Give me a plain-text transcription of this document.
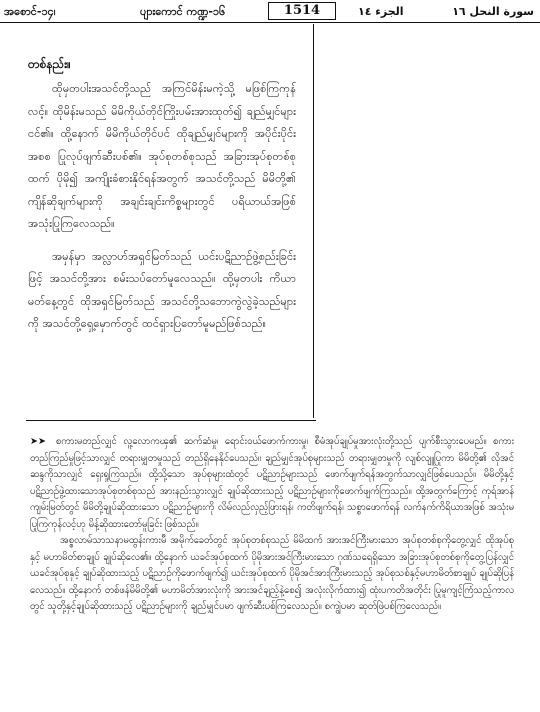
အစောင်-၁၄၊	ပျားကောင် ကဏ္ဍ-၁၆	1514	الجزء ١٤	سورة النحل ١٦
တစ်နည်း။

ထိုမှတပါးအသင်တို့သည် အကြင်မိန်းမကဲ့သို့ မဖြစ်ကြကုန်လင့်။ ထိုမိန်းမသည် မိမိကိုယ်တိုင်ကြိုးပမ်းအားထုတ်၍ ချည်မျှင်များငင်၏။ ထို့နောက် မိမိကိုယ်တိုင်ပင် ထိုချည်မျှင်များကို အပိုင်းပိုင်းအစစ ပြုလုပ်ဖျက်ဆီးပစ်၏။ အုပ်စုတစ်စုသည် အခြားအုပ်စုတစ်စုထက် ပိုမို၍ အကျိုးခံစားနိုင်ရန်အတွက် အသင်တို့သည် မိမိတို့၏ ကျိန်ဆိုချက်များကို အချင်းချင်းကိစ္စများတွင် ပရိယာယ်အဖြစ်အသုံးပြုကြလေသည်။

အမှန်မှာ အလ္လာဟ်အရှင်မြတ်သည် ယင်းပဋိညာဉ်ဖွဲ့စည်းခြင်းဖြင့် အသင်တို့အား စမ်းသပ်တော်မူလေသည်။ ထို့မှတပါး ကိယာမတ်နေ့တွင် ထိုအရှင်မြတ်သည် အသင်တို့သဘောကွဲလွဲခဲ့သည်များကို အသင်တို့ရှေ့မှောက်တွင် ထင်ရှားပြတော်မူမည်ဖြစ်သည်။

➤➤ စကားမတည်လျှင် လူ့လောကၾ၏ ဆက်ဆံမှု၊ ရောင်းဝယ်ဖောက်ကားမှု၊ စီမံအုပ်ချုပ်မှုအားလုံးတို့သည် ပျက်စီးသွားပေမည်။ စကားတည်ကြည်မှုဖြင့်သာလျှင် တရားမျှတမှုသည် တည်ရှိနေနိုင်ပေသည်။ ချည်မျှင်အုပ်စုများသည် တရားမျှတမှုကို လျစ်လျူပြုကာ မိမိတို့၏ လိုအင်ဆန္ဒကိုသာလျှင် ရှေးရှုကြသည်။ ထို့သို့သော အုပ်စုများထံတွင် ပဋိညာဉ်များသည် ဖောက်ဖျက်ရန်အတွက်သာလျှင်ဖြစ်ပေသည်။ မိမိတို့နှင့် ပဋိညာဉ်ဖွဲ့ထားသောအုပ်စုတစ်စုသည် အားနည်းသွားလျှင် ချုပ်ဆိုထားသည့် ပဋိညာဉ်များကိုဖောက်ဖျက်ကြသည်။ ထို့အတွက်ကြောင့် ကုရ်အာန်ကျမ်းမြတ်တွင် မိမိတို့ချုပ်ဆိုထားသော ပဋိညာဉ်များကို လိမ်လည်လှည့်ဖြားရန်၊ ကတိဖျက်ရန်၊ သစ္စာဖောက်ရန် လက်နက်ကိရိယာအဖြစ် အသုံးမပြုကြကုန်လင့်ဟု မိန့်ဆိုထားတော်မူခြင်း ဖြစ်သည်။

အစ္စလာမ်သာသနာမထွန်းကားမီ အမိုက်ခေတ်တွင် အုပ်စုတစ်စုသည် မိမိထက် အားအင်ကြီးမားသော အုပ်စုတစ်စုကိုတွေ့လျှင် ထိုအုပ်စုနှင့် မဟာမိတ်စာချုပ် ချုပ်ဆိုလေ၏။ ထို့နောက် ယခင်အုပ်စုထက် ပိုမိုအားအင်ကြီးမားသော ဂုဏ်သရေရှိသော အခြားအုပ်စုတစ်စုကိုတွေ့ပြန်လျှင် ယခင်အုပ်စုနှင့် ချုပ်ဆိုထားသည့် ပဋိညာဉ်ကိုဖောက်ဖျက်၍ ယင်းအုပ်စုထက် ပိုမိုအင်အားကြီးမားသည့် အုပ်စုသစ်နှင့်မဟာမိတ်စာချုပ် ချုပ်ဆိုပြန်လေသည်။ ထို့နောက် တစ်ဖန်မိမိတို့၏ မဟာမိတ်အားလုံးကို အားအင်ချည့်နဲ့စေ၍ အလုံးလိုက်ထား၍ ထုံးပကတိအတိုင်း ပြုမူကျင့်ကြံသည့်ကာလတွင် သူတို့နှင့်ချုပ်ဆိုထားသည့် ပဋိညာဉ်များကို ချည်မျှင်ပမာ ဖျက်ဆီးပစ်ကြလေသည်။ စကျွဲပမာ ဆုတ်ဖြဲပစ်ကြလေသည်။
